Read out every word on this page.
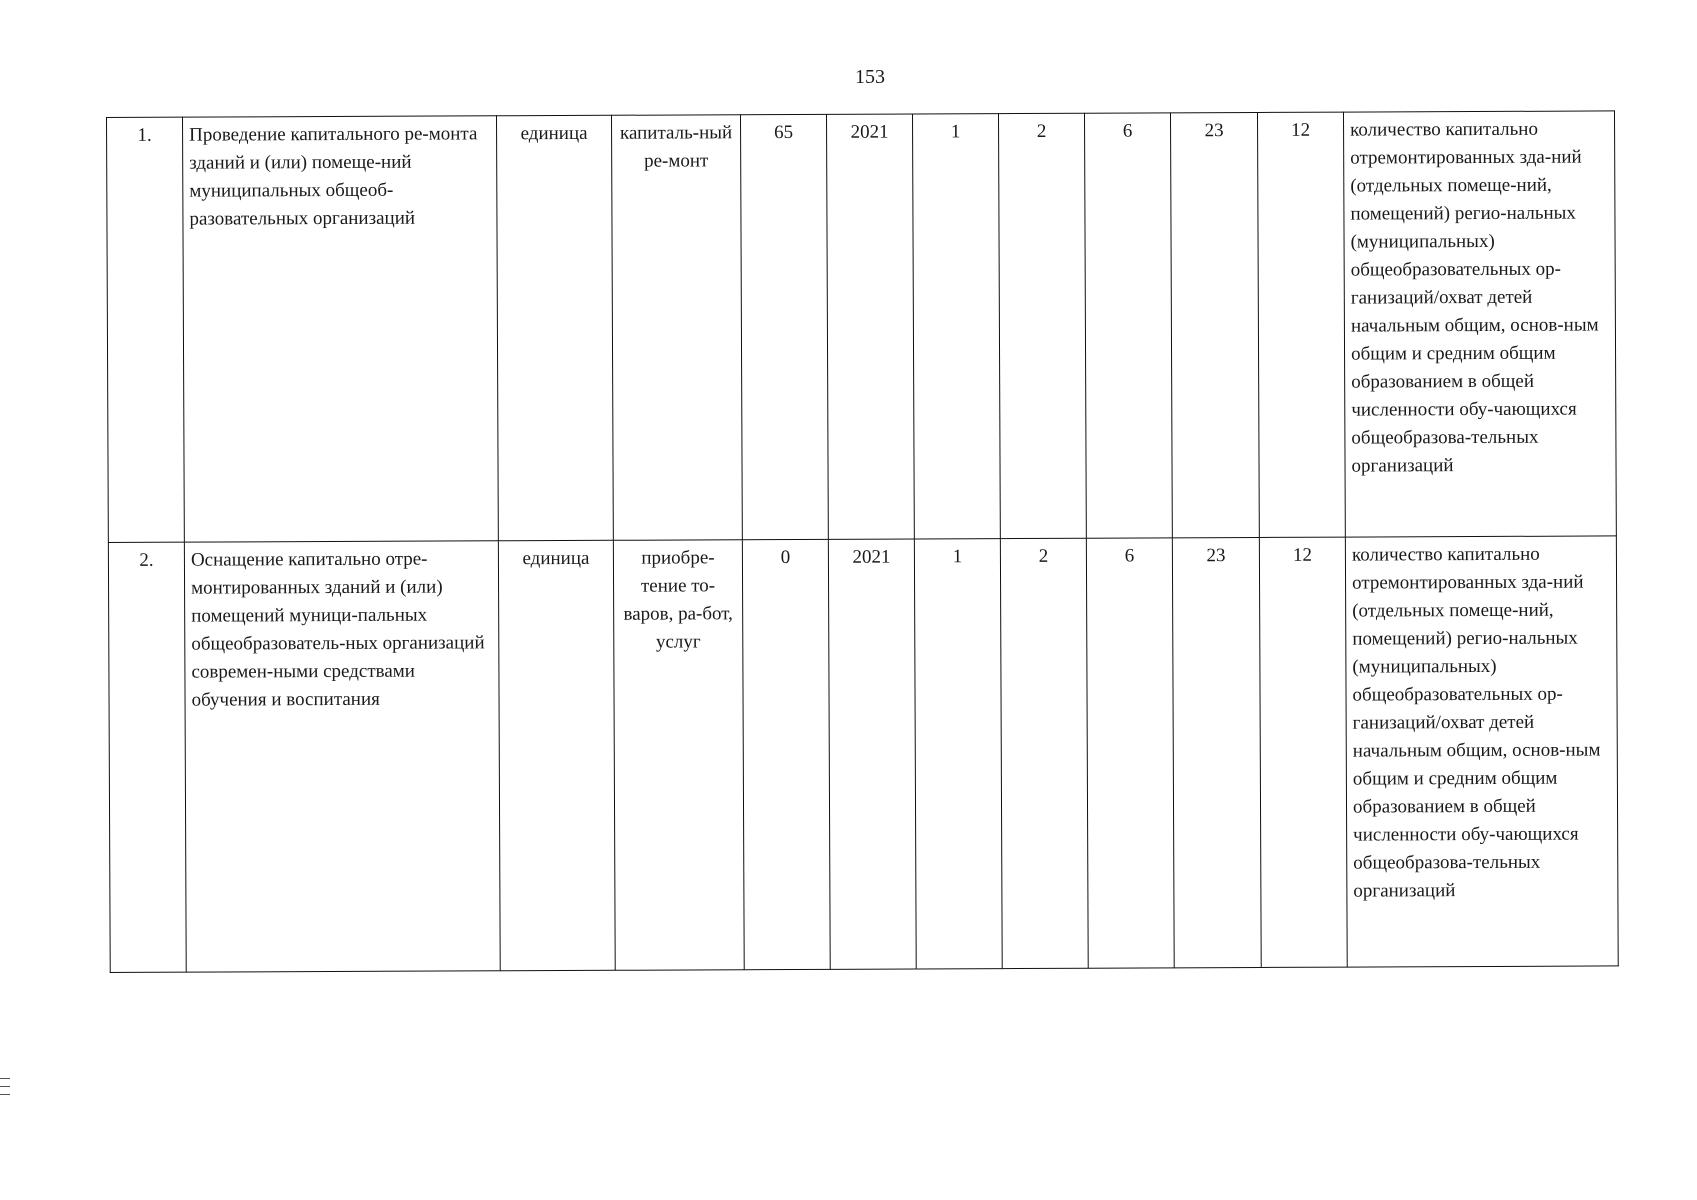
153
1.	Проведение капитального ре-монта зданий и (или) помеще-ний муниципальных общеоб-разовательных организаций	единица	капиталь-ный ре-монт	65	2021	1	2	6	23	12	количество капитально отремонтированных зда-ний (отдельных помеще-ний, помещений) регио-нальных (муниципальных) общеобразовательных ор-ганизаций/охват детей начальным общим, основ-ным общим и средним общим образованием в общей численности обу-чающихся общеобразова-тельных организаций
2.	Оснащение капитально отре-монтированных зданий и (или) помещений муници-пальных общеобразователь-ных организаций современ-ными средствами обучения и воспитания	единица	приобре-тение то-варов, ра-бот, услуг	0	2021	1	2	6	23	12	количество капитально отремонтированных зда-ний (отдельных помеще-ний, помещений) регио-нальных (муниципальных) общеобразовательных ор-ганизаций/охват детей начальным общим, основ-ным общим и средним общим образованием в общей численности обу-чающихся общеобразова-тельных организаций
